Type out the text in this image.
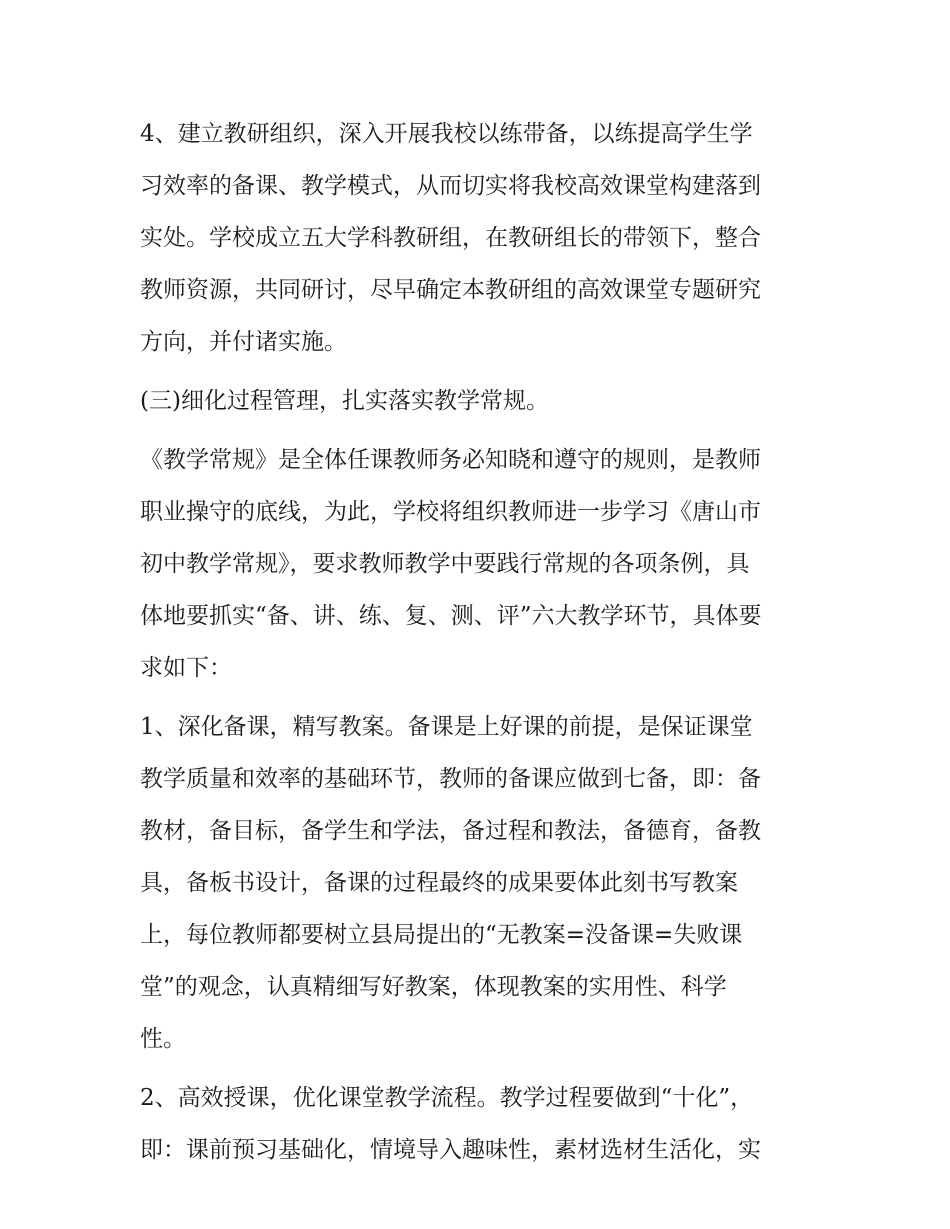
4、建立教研组织，深入开展我校以练带备，以练提高学生学
习效率的备课、教学模式，从而切实将我校高效课堂构建落到
实处。学校成立五大学科教研组，在教研组长的带领下，整合
教师资源，共同研讨，尽早确定本教研组的高效课堂专题研究
方向，并付诸实施。
(三)细化过程管理，扎实落实教学常规。
《教学常规》是全体任课教师务必知晓和遵守的规则，是教师
职业操守的底线，为此，学校将组织教师进一步学习《唐山市
初中教学常规》，要求教师教学中要践行常规的各项条例，具
体地要抓实“备、讲、练、复、测、评”六大教学环节，具体要
求如下：
1、深化备课，精写教案。备课是上好课的前提，是保证课堂
教学质量和效率的基础环节，教师的备课应做到七备，即：备
教材，备目标，备学生和学法，备过程和教法，备德育，备教
具，备板书设计，备课的过程最终的成果要体此刻书写教案
上，每位教师都要树立县局提出的“无教案=没备课=失败课
堂”的观念，认真精细写好教案，体现教案的实用性、科学
性。
2、高效授课，优化课堂教学流程。教学过程要做到“十化”，
即：课前预习基础化，情境导入趣味性，素材选材生活化，实
